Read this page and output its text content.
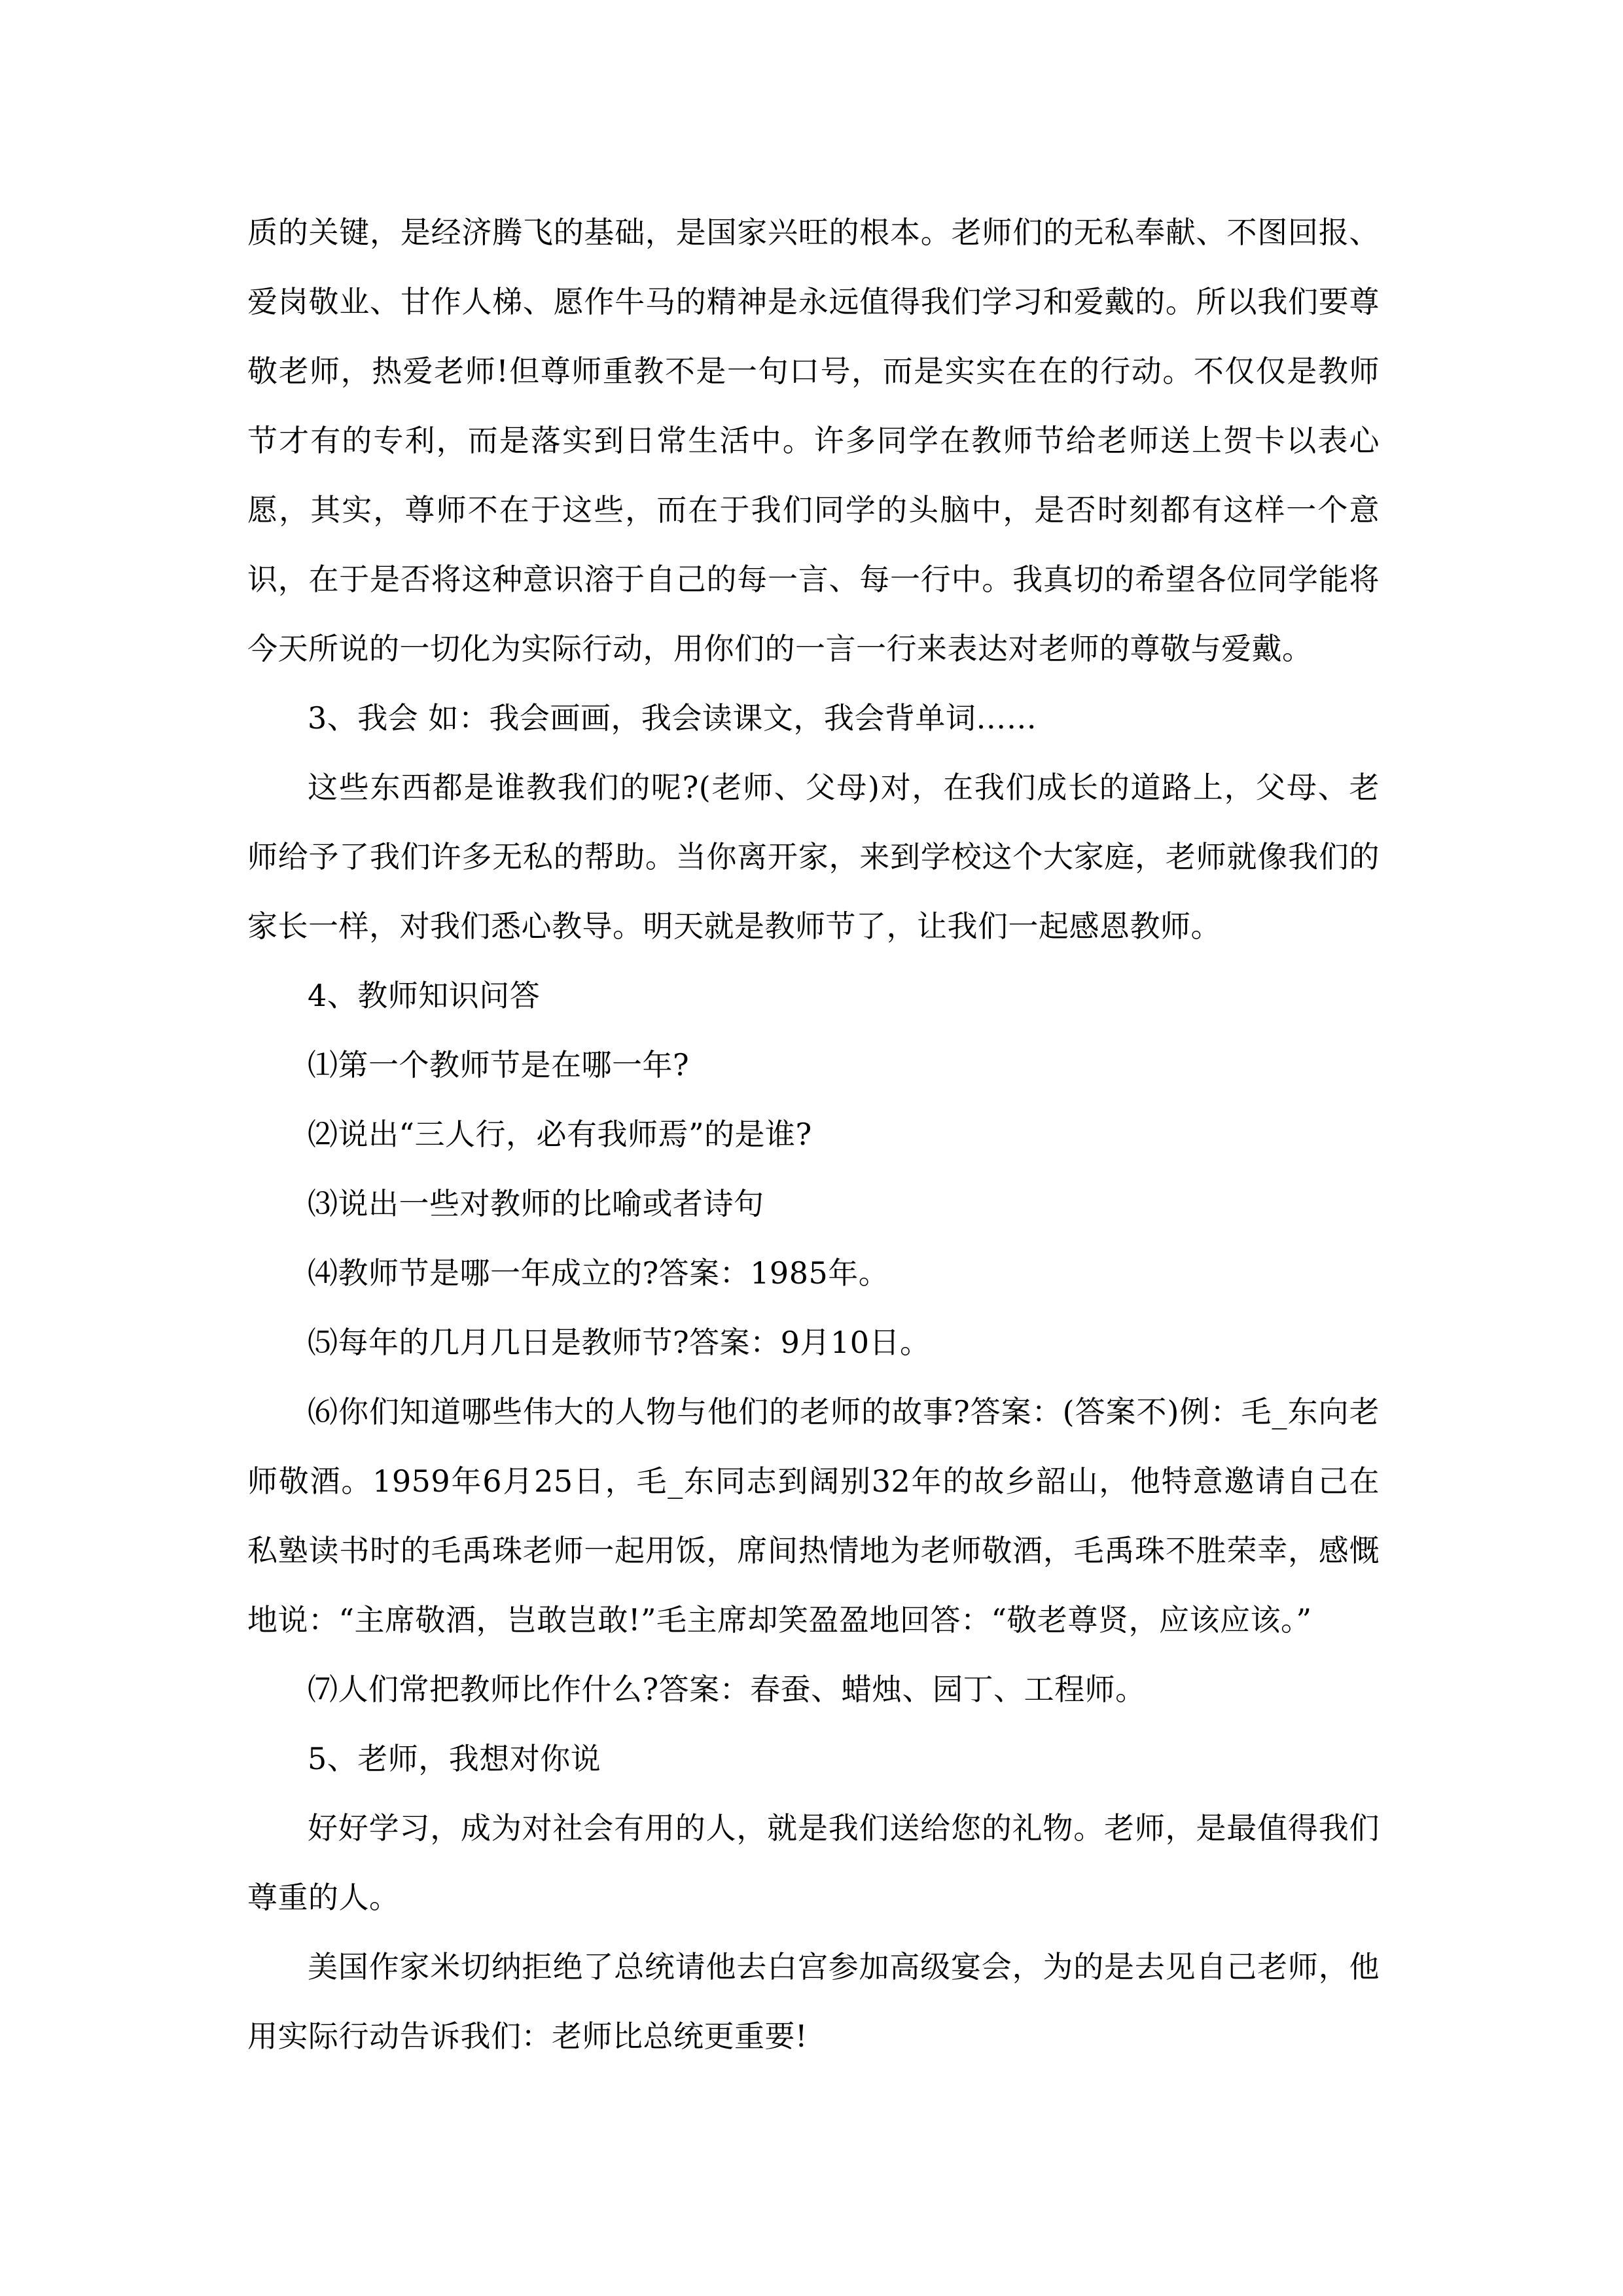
质的关键，是经济腾飞的基础，是国家兴旺的根本。老师们的无私奉献、不图回报、爱岗敬业、甘作人梯、愿作牛马的精神是永远值得我们学习和爱戴的。所以我们要尊敬老师，热爱老师!但尊师重教不是一句口号，而是实实在在的行动。不仅仅是教师节才有的专利，而是落实到日常生活中。许多同学在教师节给老师送上贺卡以表心愿，其实，尊师不在于这些，而在于我们同学的头脑中，是否时刻都有这样一个意识，在于是否将这种意识溶于自己的每一言、每一行中。我真切的希望各位同学能将今天所说的一切化为实际行动，用你们的一言一行来表达对老师的尊敬与爱戴。

3、我会 如：我会画画，我会读课文，我会背单词……

这些东西都是谁教我们的呢?(老师、父母)对，在我们成长的道路上，父母、老师给予了我们许多无私的帮助。当你离开家，来到学校这个大家庭，老师就像我们的家长一样，对我们悉心教导。明天就是教师节了，让我们一起感恩教师。

4、教师知识问答

⑴第一个教师节是在哪一年?

⑵说出“三人行，必有我师焉”的是谁?

⑶说出一些对教师的比喻或者诗句

⑷教师节是哪一年成立的?答案：1985年。

⑸每年的几月几日是教师节?答案：9月10日。

⑹你们知道哪些伟大的人物与他们的老师的故事?答案：(答案不)例：毛_东向老师敬酒。1959年6月25日，毛_东同志到阔别32年的故乡韶山，他特意邀请自己在私塾读书时的毛禹珠老师一起用饭，席间热情地为老师敬酒，毛禹珠不胜荣幸，感慨地说：“主席敬酒，岂敢岂敢!”毛主席却笑盈盈地回答：“敬老尊贤，应该应该。”

⑺人们常把教师比作什么?答案：春蚕、蜡烛、园丁、工程师。

5、老师，我想对你说

好好学习，成为对社会有用的人，就是我们送给您的礼物。老师，是最值得我们尊重的人。

美国作家米切纳拒绝了总统请他去白宫参加高级宴会，为的是去见自己老师，他用实际行动告诉我们：老师比总统更重要!
